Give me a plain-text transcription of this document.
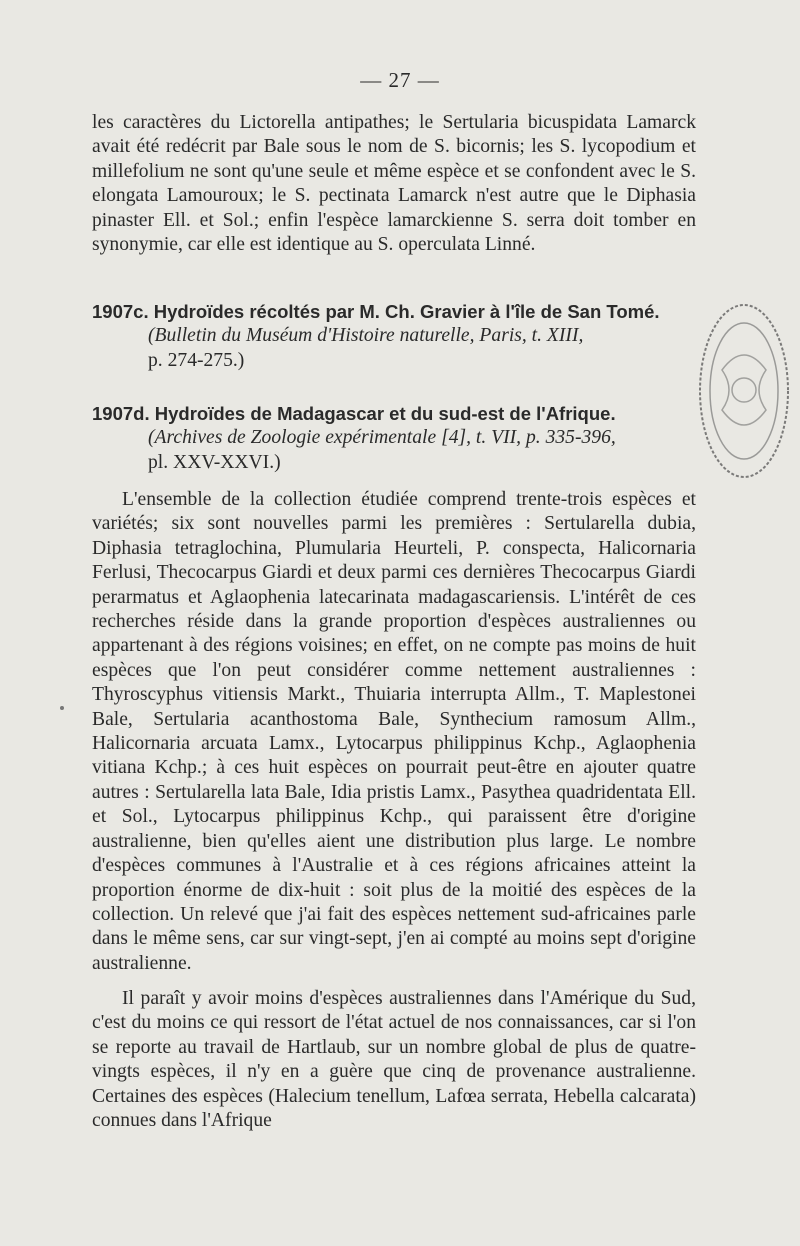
— 27 —
les caractères du Lictorella antipathes; le Sertularia bicuspidata Lamarck avait été redécrit par Bale sous le nom de S. bicornis; les S. lycopodium et millefolium ne sont qu'une seule et même espèce et se confondent avec le S. elongata Lamouroux; le S. pectinata Lamarck n'est autre que le Diphasia pinaster Ell. et Sol.; enfin l'espèce lamarckienne S. serra doit tomber en synonymie, car elle est identique au S. operculata Linné.
1907c. Hydroïdes récoltés par M. Ch. Gravier à l'île de San Tomé.
(Bulletin du Muséum d'Histoire naturelle, Paris, t. XIII,
p. 274-275.)
1907d. Hydroïdes de Madagascar et du sud-est de l'Afrique.
(Archives de Zoologie expérimentale [4], t. VII, p. 335-396,
pl. XXV-XXVI.)
L'ensemble de la collection étudiée comprend trente-trois espèces et variétés; six sont nouvelles parmi les premières : Sertularella dubia, Diphasia tetraglochina, Plumularia Heurteli, P. conspecta, Halicornaria Ferlusi, Thecocarpus Giardi et deux parmi ces dernières Thecocarpus Giardi perarmatus et Aglaophenia latecarinata madagascariensis. L'intérêt de ces recherches réside dans la grande proportion d'espèces australiennes ou appartenant à des régions voisines; en effet, on ne compte pas moins de huit espèces que l'on peut considérer comme nettement australiennes : Thyroscyphus vitiensis Markt., Thuiaria interrupta Allm., T. Maplestonei Bale, Sertularia acanthostoma Bale, Synthecium ramosum Allm., Halicornaria arcuata Lamx., Lytocarpus philippinus Kchp., Aglaophenia vitiana Kchp.; à ces huit espèces on pourrait peut-être en ajouter quatre autres : Sertularella lata Bale, Idia pristis Lamx., Pasythea quadridentata Ell. et Sol., Lytocarpus philippinus Kchp., qui paraissent être d'origine australienne, bien qu'elles aient une distribution plus large. Le nombre d'espèces communes à l'Australie et à ces régions africaines atteint la proportion énorme de dix-huit : soit plus de la moitié des espèces de la collection. Un relevé que j'ai fait des espèces nettement sud-africaines parle dans le même sens, car sur vingt-sept, j'en ai compté au moins sept d'origine australienne.
Il paraît y avoir moins d'espèces australiennes dans l'Amérique du Sud, c'est du moins ce qui ressort de l'état actuel de nos connaissances, car si l'on se reporte au travail de Hartlaub, sur un nombre global de plus de quatre-vingts espèces, il n'y en a guère que cinq de provenance australienne. Certaines des espèces (Halecium tenellum, Lafœa serrata, Hebella calcarata) connues dans l'Afrique
